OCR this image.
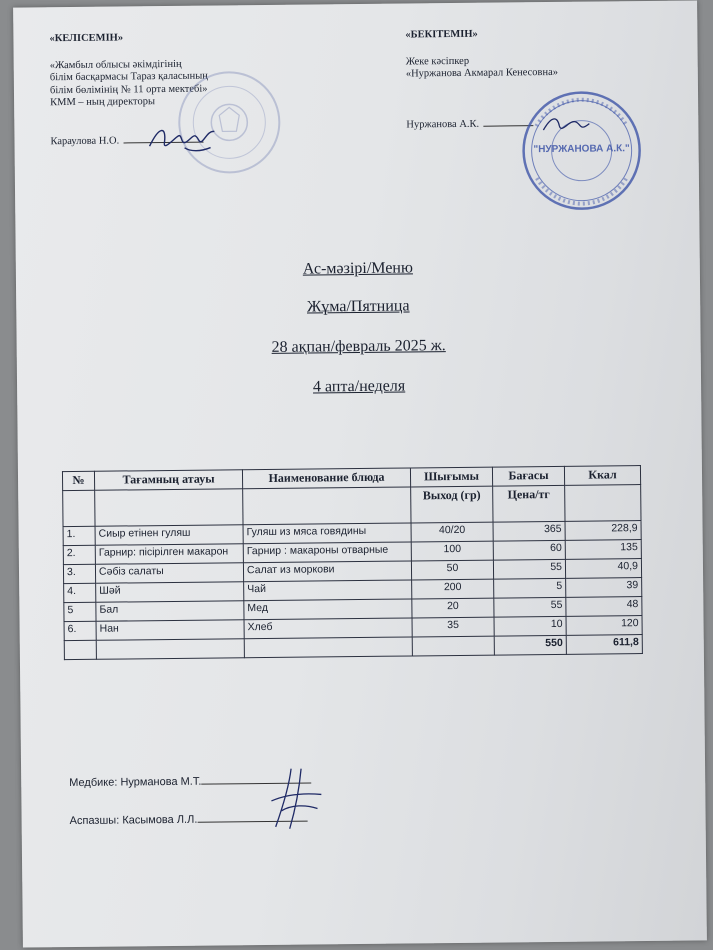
«КЕЛІСЕМІН»
«Жамбыл облысы әкімдігінің
білім басқармасы Тараз қаласының
білім бөлімінің № 11 орта мектебі»
КММ – ның директоры
Караулова Н.О.
«БЕКІТЕМІН»
Жеке кәсіпкер
«Нуржанова Акмарал Кенесовна»
Нуржанова А.К.
"НУРЖАНОВА А.К."
Ас-мәзірі/Меню
Жұма/Пятница
28 ақпан/февраль 2025 ж.
4 апта/неделя
№	Тағамның атауы	Наименование блюда	Шығымы	Бағасы	Ккал
			Выход (гр)	Цена/тг	
1.	Сиыр етінен гуляш	Гуляш из мяса говядины	40/20	365	228,9
2.	Гарнир: пісірілген макарон	Гарнир : макароны отварные	100	60	135
3.	Сәбіз салаты	Салат из моркови	50	55	40,9
4.	Шәй	Чай	200	5	39
5	Бал	Мед	20	55	48
6.	Нан	Хлеб	35	10	120
				550	611,8
Медбике: Нурманова М.Т.
Аспазшы: Касымова Л.Л.
